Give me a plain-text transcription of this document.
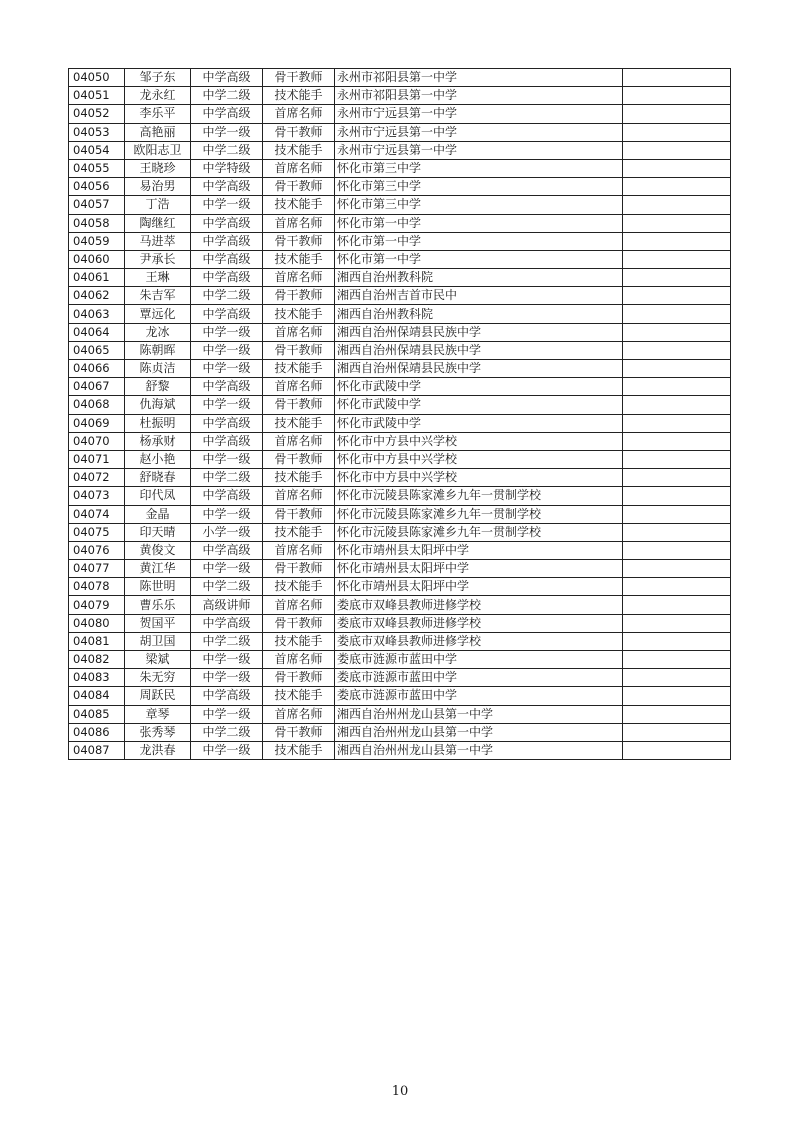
04050	邹子东	中学高级	骨干教师	永州市祁阳县第一中学	
04051	龙永红	中学二级	技术能手	永州市祁阳县第一中学	
04052	李乐平	中学高级	首席名师	永州市宁远县第一中学	
04053	高艳丽	中学一级	骨干教师	永州市宁远县第一中学	
04054	欧阳志卫	中学二级	技术能手	永州市宁远县第一中学	
04055	王晓珍	中学特级	首席名师	怀化市第三中学	
04056	易治男	中学高级	骨干教师	怀化市第三中学	
04057	丁浩	中学一级	技术能手	怀化市第三中学	
04058	陶继红	中学高级	首席名师	怀化市第一中学	
04059	马进萃	中学高级	骨干教师	怀化市第一中学	
04060	尹承长	中学高级	技术能手	怀化市第一中学	
04061	王琳	中学高级	首席名师	湘西自治州教科院	
04062	朱吉军	中学二级	骨干教师	湘西自治州吉首市民中	
04063	覃远化	中学高级	技术能手	湘西自治州教科院	
04064	龙冰	中学一级	首席名师	湘西自治州保靖县民族中学	
04065	陈朝晖	中学一级	骨干教师	湘西自治州保靖县民族中学	
04066	陈贞洁	中学一级	技术能手	湘西自治州保靖县民族中学	
04067	舒黎	中学高级	首席名师	怀化市武陵中学	
04068	仇海斌	中学一级	骨干教师	怀化市武陵中学	
04069	杜振明	中学高级	技术能手	怀化市武陵中学	
04070	杨承财	中学高级	首席名师	怀化市中方县中兴学校	
04071	赵小艳	中学一级	骨干教师	怀化市中方县中兴学校	
04072	舒晓春	中学二级	技术能手	怀化市中方县中兴学校	
04073	印代凤	中学高级	首席名师	怀化市沅陵县陈家滩乡九年一贯制学校	
04074	金晶	中学一级	骨干教师	怀化市沅陵县陈家滩乡九年一贯制学校	
04075	印天晴	小学一级	技术能手	怀化市沅陵县陈家滩乡九年一贯制学校	
04076	黄俊文	中学高级	首席名师	怀化市靖州县太阳坪中学	
04077	黄江华	中学一级	骨干教师	怀化市靖州县太阳坪中学	
04078	陈世明	中学二级	技术能手	怀化市靖州县太阳坪中学	
04079	曹乐乐	高级讲师	首席名师	娄底市双峰县教师进修学校	
04080	贺国平	中学高级	骨干教师	娄底市双峰县教师进修学校	
04081	胡卫国	中学二级	技术能手	娄底市双峰县教师进修学校	
04082	梁斌	中学一级	首席名师	娄底市涟源市蓝田中学	
04083	朱无穷	中学一级	骨干教师	娄底市涟源市蓝田中学	
04084	周跃民	中学高级	技术能手	娄底市涟源市蓝田中学	
04085	章琴	中学一级	首席名师	湘西自治州州龙山县第一中学	
04086	张秀琴	中学二级	骨干教师	湘西自治州州龙山县第一中学	
04087	龙洪春	中学一级	技术能手	湘西自治州州龙山县第一中学	
10
